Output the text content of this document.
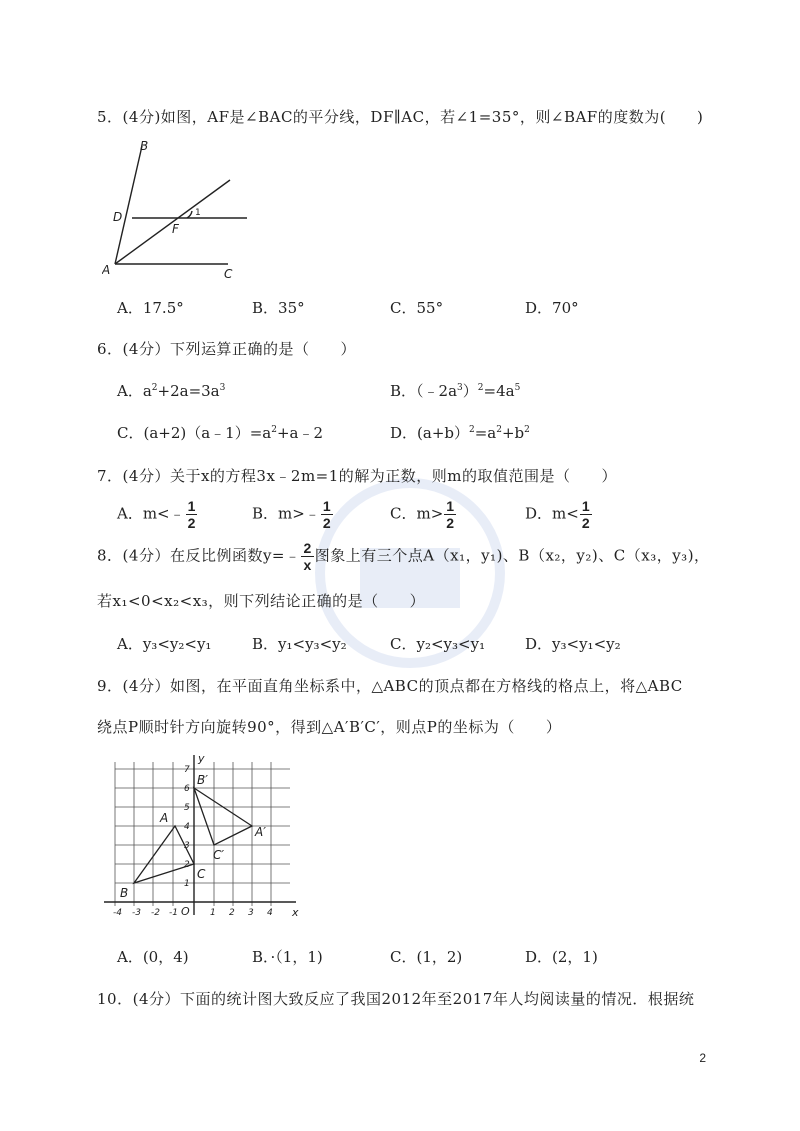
5．(4分)如图，AF是∠BAC的平分线，DF∥AC，若∠1=35°，则∠BAF的度数为(　　)
B
D
F
A	C
1
A．17.5°	B．35°	C．55°	D．70°
6．(4分）下列运算正确的是（　　）
A．$a^2+2a=3a^3$	B．$(﹣2a^3)^2=4a^5$
C．$(a+2)(a﹣1)=a^2+a﹣2$	D．$(a+b)^2=a^2+b^2$
7．(4分）关于x的方程3x﹣2m=1的解为正数，则m的取值范围是（　　）
A．m<﹣ $\frac{1}{2}$	B．m>﹣ $\frac{1}{2}$	C．$m> \frac{1}{2}$	D．$m< \frac{1}{2}$
8．(4分）在反比例函数y=﹣ $\frac{2}{x}$ 图象上有三个点A（x₁，y₁)、B（x₂，y₂)、C（x₃，y₃)，
若x₁<0<x₂<x₃，则下列结论正确的是（　　）
A．y₃<y₂<y₁	B．y₁<y₃<y₂	C．y₂<y₃<y₁	D．y₃<y₁<y₂
9．(4分）如图，在平面直角坐标系中，△ABC的顶点都在方格线的格点上，将△ABC
绕点P顺时针方向旋转90°，得到△A′B′C′，则点P的坐标为（　　）
B
A
C
B′
A′
C′
y
x
O
7
6
5
4
3
2
1
-4 -3 -2 -1	1 2 3 4
A．(0，4)	B．·（1，1)	C．(1，2)	D．(2，1)
10．(4分）下面的统计图大致反应了我国2012年至2017年人均阅读量的情况．根据统
2
